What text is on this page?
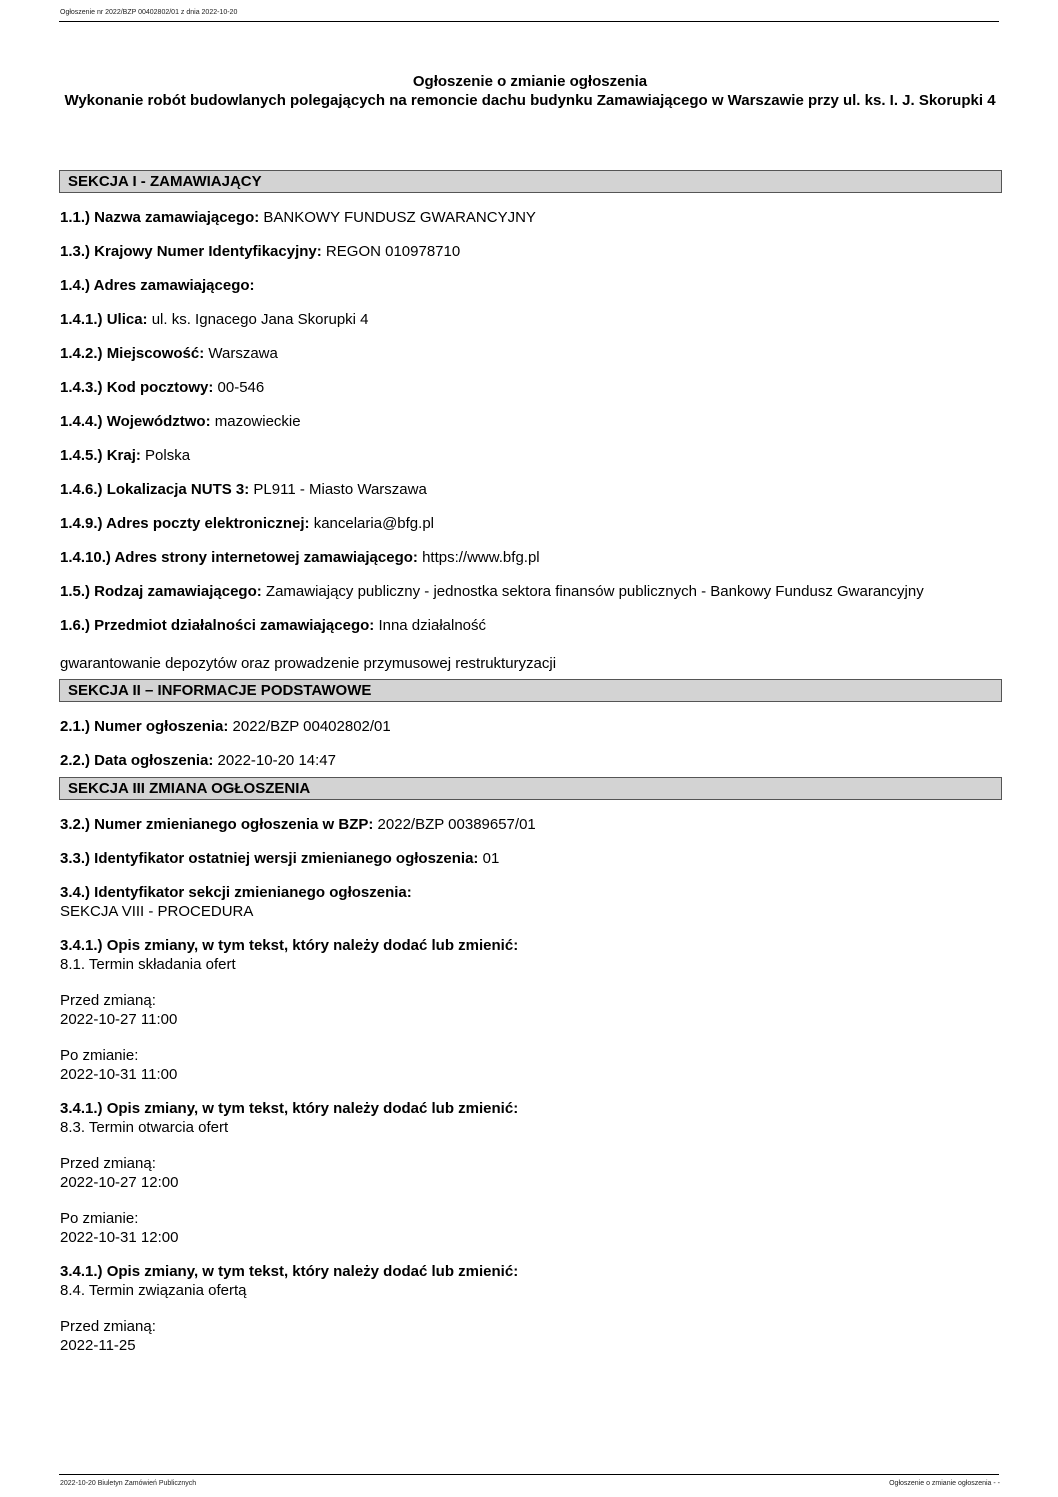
Ogłoszenie nr 2022/BZP 00402802/01 z dnia 2022-10-20
Ogłoszenie o zmianie ogłoszenia
Wykonanie robót budowlanych polegających na remoncie dachu budynku Zamawiającego w Warszawie przy ul. ks. I. J. Skorupki 4
SEKCJA I - ZAMAWIAJĄCY
1.1.) Nazwa zamawiającego: BANKOWY FUNDUSZ GWARANCYJNY
1.3.) Krajowy Numer Identyfikacyjny: REGON 010978710
1.4.) Adres zamawiającego:
1.4.1.) Ulica: ul. ks. Ignacego Jana Skorupki 4
1.4.2.) Miejscowość: Warszawa
1.4.3.) Kod pocztowy: 00-546
1.4.4.) Województwo: mazowieckie
1.4.5.) Kraj: Polska
1.4.6.) Lokalizacja NUTS 3: PL911 - Miasto Warszawa
1.4.9.) Adres poczty elektronicznej: kancelaria@bfg.pl
1.4.10.) Adres strony internetowej zamawiającego: https://www.bfg.pl
1.5.) Rodzaj zamawiającego: Zamawiający publiczny - jednostka sektora finansów publicznych - Bankowy Fundusz Gwarancyjny
1.6.) Przedmiot działalności zamawiającego: Inna działalność
gwarantowanie depozytów oraz prowadzenie przymusowej restrukturyzacji
SEKCJA II – INFORMACJE PODSTAWOWE
2.1.) Numer ogłoszenia: 2022/BZP 00402802/01
2.2.) Data ogłoszenia: 2022-10-20 14:47
SEKCJA III ZMIANA OGŁOSZENIA
3.2.) Numer zmienianego ogłoszenia w BZP: 2022/BZP 00389657/01
3.3.) Identyfikator ostatniej wersji zmienianego ogłoszenia: 01
3.4.) Identyfikator sekcji zmienianego ogłoszenia:
SEKCJA VIII - PROCEDURA
3.4.1.) Opis zmiany, w tym tekst, który należy dodać lub zmienić:
8.1. Termin składania ofert
Przed zmianą:
2022-10-27 11:00
Po zmianie:
2022-10-31 11:00
3.4.1.) Opis zmiany, w tym tekst, który należy dodać lub zmienić:
8.3. Termin otwarcia ofert
Przed zmianą:
2022-10-27 12:00
Po zmianie:
2022-10-31 12:00
3.4.1.) Opis zmiany, w tym tekst, który należy dodać lub zmienić:
8.4. Termin związania ofertą
Przed zmianą:
2022-11-25
2022-10-20 Biuletyn Zamówień Publicznych	Ogłoszenie o zmianie ogłoszenia - -
